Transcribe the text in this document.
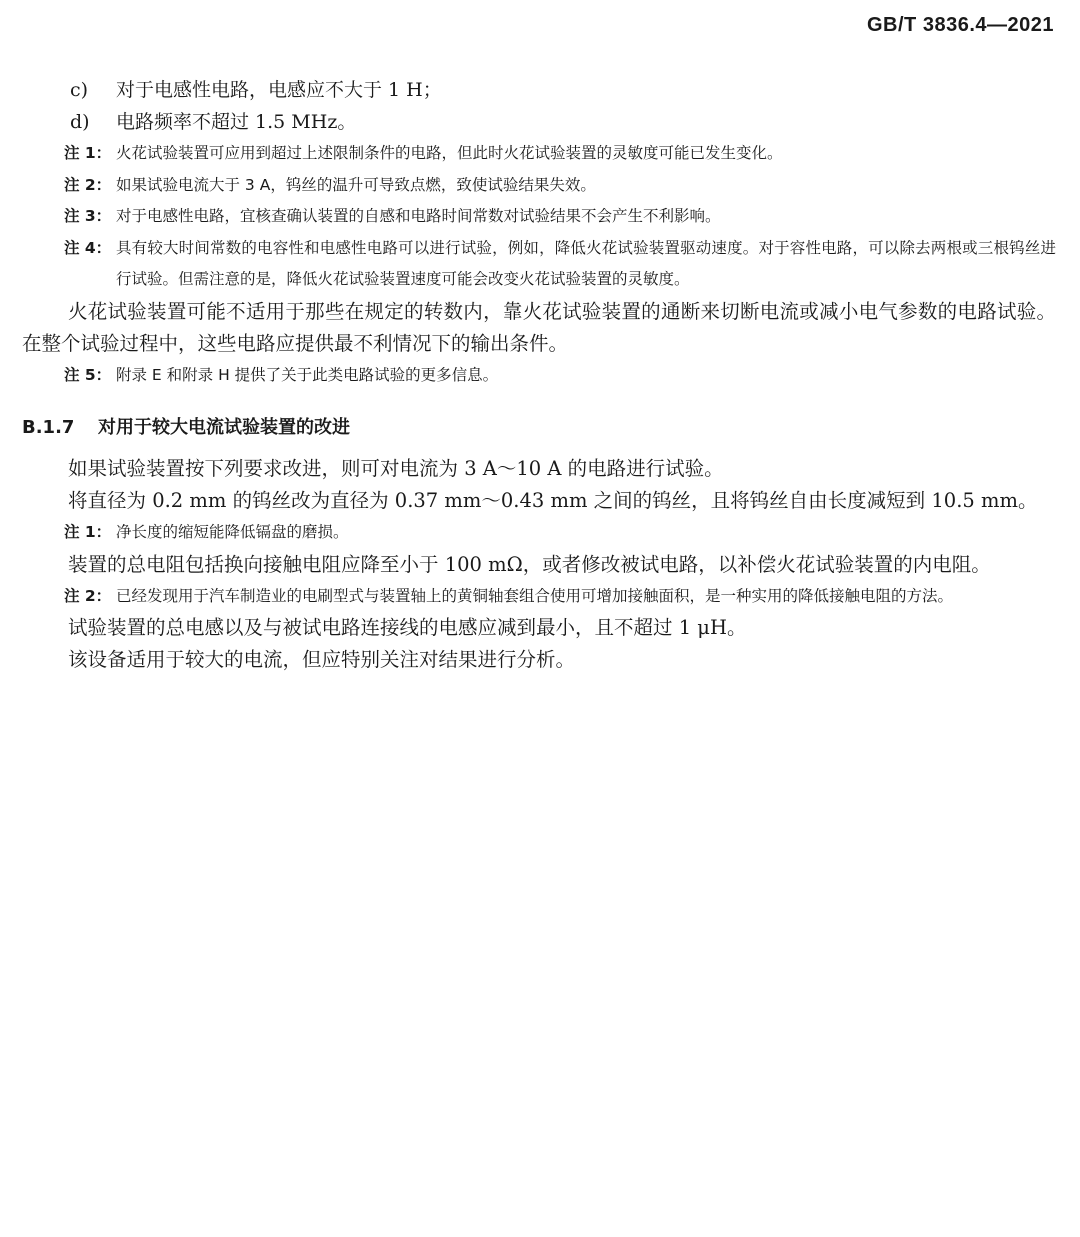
GB/T 3836.4—2021
c) 对于电感性电路，电感应不大于 1 H；
d) 电路频率不超过 1.5 MHz。
注 1： 火花试验装置可应用到超过上述限制条件的电路，但此时火花试验装置的灵敏度可能已发生变化。
注 2： 如果试验电流大于 3 A，钨丝的温升可导致点燃，致使试验结果失效。
注 3： 对于电感性电路，宜核查确认装置的自感和电路时间常数对试验结果不会产生不利影响。
注 4： 具有较大时间常数的电容性和电感性电路可以进行试验，例如，降低火花试验装置驱动速度。对于容性电路，可以除去两根或三根钨丝进行试验。但需注意的是，降低火花试验装置速度可能会改变火花试验装置的灵敏度。

火花试验装置可能不适用于那些在规定的转数内，靠火花试验装置的通断来切断电流或减小电气参数的电路试验。在整个试验过程中，这些电路应提供最不利情况下的输出条件。

注 5： 附录 E 和附录 H 提供了关于此类电路试验的更多信息。
B.1.7	对用于较大电流试验装置的改进

如果试验装置按下列要求改进，则可对电流为 3 A～10 A 的电路进行试验。

将直径为 0.2 mm 的钨丝改为直径为 0.37 mm～0.43 mm 之间的钨丝，且将钨丝自由长度减短到 10.5 mm。

注 1： 净长度的缩短能降低镉盘的磨损。

装置的总电阻包括换向接触电阻应降至小于 100 mΩ，或者修改被试电路，以补偿火花试验装置的内电阻。

注 2： 已经发现用于汽车制造业的电刷型式与装置轴上的黄铜轴套组合使用可增加接触面积，是一种实用的降低接触电阻的方法。

试验装置的总电感以及与被试电路连接线的电感应减到最小，且不超过 1 μH。

该设备适用于较大的电流，但应特别关注对结果进行分析。
